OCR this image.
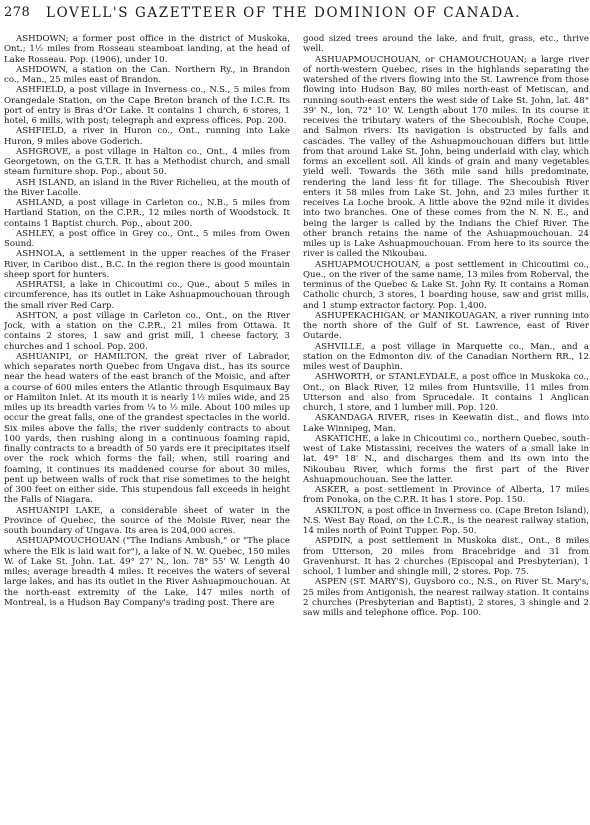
278 LOVELL'S GAZETTEER OF THE DOMINION OF CANADA.

ASHDOWN; a former post office in the district of Muskoka, Ont.; 1½ miles from Rosseau steamboat landing, at the head of Lake Rosseau. Pop. (1906), under 10.

ASHDOWN, a station on the Can. Northern Ry., in Brandon co., Man., 25 miles east of Brandon.

ASHFIELD, a post village in Inverness co., N.S., 5 miles from Orangedale Station, on the Cape Breton branch of the I.C.R. Its port of entry is Bras d'Or Lake. It contains 1 church, 6 stores, 1 hotel, 6 mills, with post; telegraph and express offices. Pop. 200.

ASHFIELD, a river in Huron co., Ont., running into Lake Huron, 9 miles above Goderich.

ASHGROVE, a post village in Halton co., Ont., 4 miles from Georgetown, on the G.T.R. It has a Methodist church, and small steam furniture shop. Pop., about 50.

ASH ISLAND, an island in the River Richelieu, at the mouth of the River Lacolle.

ASHLAND, a post village in Carleton co., N.B., 5 miles from Hartland Station, on the C.P.R., 12 miles north of Woodstock. It contains 1 Baptist church. Pop., about 200.

ASHLEY, a post office in Grey co., Ont., 5 miles from Owen Sound.

ASHNOLA, a settlement in the upper reaches of the Fraser River, in Cariboo dist., B.C. In the region there is good mountain sheep sport for hunters.

ASHRATSI, a lake in Chicoutimi co., Que., about 5 miles in circumference, has its outlet in Lake Ashuapmouchouan through the small river Red Carp.

ASHTON, a post village in Carleton co., Ont., on the River Jock, with a station on the C.P.R., 21 miles from Ottawa. It contains 2 stores, 1 saw and grist mill, 1 cheese factory, 3 churches and 1 school. Pop. 200.

ASHUANIPI, or HAMILTON, the great river of Labrador, which separates north Quebec from Ungava dist., has its source near the head waters of the east branch of the Moisic, and after a course of 600 miles enters the Atlantic through Esquimaux Bay or Hamilton Inlet. At its mouth it is nearly 1½ miles wide, and 25 miles up its breadth varies from ¼ to ½ mile. About 100 miles up occur the great falls, one of the grandest spectacles in the world. Six miles above the falls, the river suddenly contracts to about 100 yards, then rushing along in a continuous foaming rapid, finally contracts to a breadth of 50 yards ere it precipitates itself over the rock which forms the fall; when, still roaring and foaming, it continues its maddened course for about 30 miles, pent up between walls of rock that rise sometimes to the height of 300 feet on either side. This stupendous fall exceeds in height the Falls of Niagara.

ASHUANIPI LAKE, a considerable sheet of water in the Province of Quebec, the source of the Moisie River, near the south boundary of Ungava. Its area is 204,000 acres.

ASHUAPMOUCHOUAN ("The Indians Ambush," or "The place where the Elk is laid wait for"), a lake of N. W. Quebec, 150 miles W. of Lake St. John. Lat. 49° 27' N., lon. 78° 55' W. Length 40 miles; average breadth 4 miles. It receives the waters of several large lakes, and has its outlet in the River Ashuapmouchouan. At the north-east extremity of the Lake, 147 miles north of Montreal, is a Hudson Bay Company's trading post. There are

good sized trees around the lake, and fruit, grass, etc., thrive well.

ASHUAPMOUCHOUAN, or CHAMOUCHOUAN; a large river of north-western Quebec, rises in the highlands separating the watershed of the rivers flowing into the St. Lawrence from those flowing into Hudson Bay, 80 miles north-east of Metiscan, and running south-east enters the west side of Lake St. John, lat. 48° 39' N., lon. 72° 10' W. Length about 170 miles. In its course it receives the tributary waters of the Shecoubish, Roche Coupe, and Salmon rivers. Its navigation is obstructed by falls and cascades. The valley of the Ashuapmouchouan differs but little from that around Lake St. John, being underlaid with clay, which forms an excellent soil. All kinds of grain and many vegetables yield well. Towards the 36th mile sand hills predominate, rendering the land less fit for tillage. The Shecoubish River enters it 58 miles from Lake St. John, and 23 miles further it receives La Loche brook. A little above the 92nd mile it divides into two branches. One of these comes from the N. N. E., and being the larger is called by the Indians the Chief River. The other branch retains the name of the Ashuapmouchouan. 24 miles up is Lake Ashuapmouchouan. From here to its source the river is called the Nikoubau.

ASHUAPMOUCHOUAN, a post settlement in Chicoutimi co., Que., on the river of the same name, 13 miles from Roberval, the terminus of the Quebec & Lake St. John Ry. It contains a Roman Catholic church, 3 stores, 1 boarding house, saw and grist mills, and 1 stump extractor factory. Pop. 1,400.

ASHUPEKACHIGAN, or MANIKOUAGAN, a river running into the north shore of the Gulf of St. Lawrence, east of River Outarde.

ASHVILLE, a post village in Marquette co., Man., and a station on the Edmonton div. of the Canadian Northern RR., 12 miles west of Dauphin.

ASHWORTH, or STANLEYDALE, a post office in Muskoka co., Ont., on Black River, 12 miles from Huntsville, 11 miles from Utterson and also from Sprucedale. It contains 1 Anglican church, 1 store, and 1 lumber mill. Pop. 120.

ASKANDAGA RIVER, rises in Keewatin dist., and flows into Lake Winnipeg, Man.

ASKATICHE, a lake in Chicoutimi co., northern Quebec, south-west of Lake Mistassini, receives the waters of a small lake in lat. 49° 18' N., and discharges them and its own into the Nikoubau River, which forms the first part of the River Ashuapmouchouan. See the latter.

ASKER, a post settlement in Province of Alberta, 17 miles from Ponoka, on the C.P.R. It has 1 store. Pop. 150.

ASKILTON, a post office in Inverness co. (Cape Breton Island), N.S. West Bay Road, on the I.C.R., is the nearest railway station, 14 miles north of Point Tupper. Pop. 50.

ASPDIN, a post settlement in Muskoka dist., Ont., 8 miles from Utterson, 20 miles from Bracebridge and 31 from Gravenhurst. It has 2 churches (Episcopal and Presbyterian), 1 school, 1 lumber and shingle mill, 2 stores. Pop. 75.

ASPEN (ST. MARY'S), Guysboro co., N.S., on River St. Mary's, 25 miles from Antigonish, the nearest railway station. It contains 2 churches (Presbyterian and Baptist), 2 stores, 3 shingle and 2 saw mills and telephone office. Pop. 100.
